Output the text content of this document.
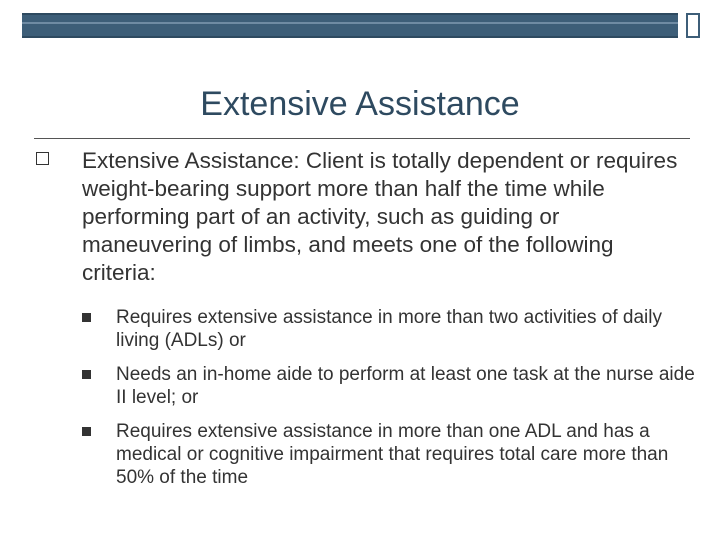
Extensive Assistance

Extensive Assistance: Client is totally dependent or requires weight-bearing support more than half the time while performing part of an activity, such as guiding or maneuvering of limbs, and meets one of the following criteria:

Requires extensive assistance in more than two activities of daily living (ADLs) or
Needs an in-home aide to perform at least one task at the nurse aide II level; or
Requires extensive assistance in more than one ADL and has a medical or cognitive impairment that requires total care more than 50% of the time
